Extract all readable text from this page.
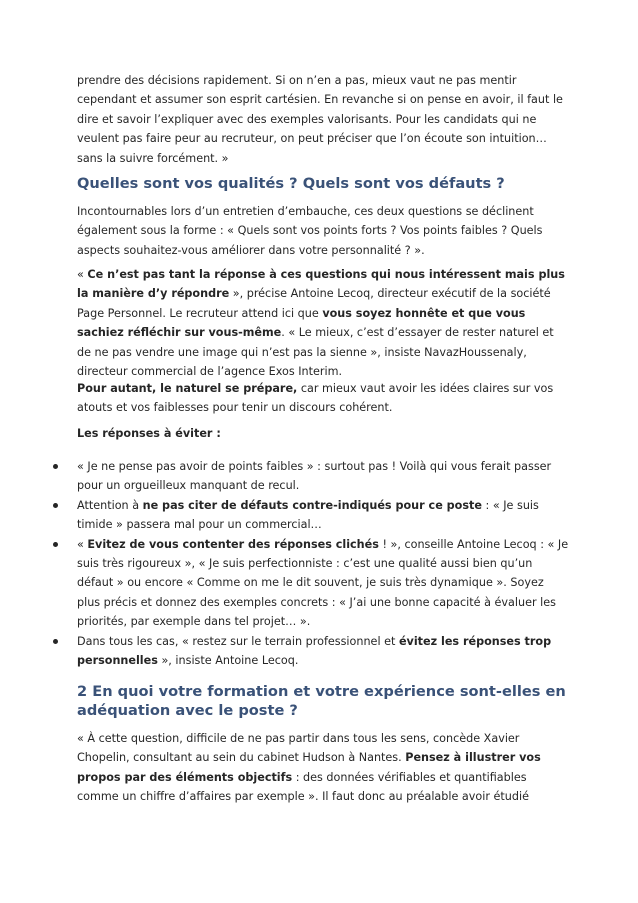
prendre des décisions rapidement. Si on n’en a pas, mieux vaut ne pas mentir cependant et assumer son esprit cartésien. En revanche si on pense en avoir, il faut le dire et savoir l’expliquer avec des exemples valorisants. Pour les candidats qui ne veulent pas faire peur au recruteur, on peut préciser que l’on écoute son intuition… sans la suivre forcément. »

Quelles sont vos qualités ? Quels sont vos défauts ?

Incontournables lors d’un entretien d’embauche, ces deux questions se déclinent également sous la forme : « Quels sont vos points forts ? Vos points faibles ? Quels aspects souhaitez-vous améliorer dans votre personnalité ? ».

« Ce n’est pas tant la réponse à ces questions qui nous intéressent mais plus la manière d’y répondre », précise Antoine Lecoq, directeur exécutif de la société Page Personnel. Le recruteur attend ici que vous soyez honnête et que vous sachiez réfléchir sur vous-même. « Le mieux, c’est d’essayer de rester naturel et de ne pas vendre une image qui n’est pas la sienne », insiste NavazHoussenaly, directeur commercial de l’agence Exos Interim.

Pour autant, le naturel se prépare, car mieux vaut avoir les idées claires sur vos atouts et vos faiblesses pour tenir un discours cohérent.

Les réponses à éviter :

« Je ne pense pas avoir de points faibles » : surtout pas ! Voilà qui vous ferait passer pour un orgueilleux manquant de recul.
Attention à ne pas citer de défauts contre-indiqués pour ce poste : « Je suis timide » passera mal pour un commercial…
« Evitez de vous contenter des réponses clichés ! », conseille Antoine Lecoq : « Je suis très rigoureux », « Je suis perfectionniste : c’est une qualité aussi bien qu’un défaut » ou encore « Comme on me le dit souvent, je suis très dynamique ». Soyez plus précis et donnez des exemples concrets : « J’ai une bonne capacité à évaluer les priorités, par exemple dans tel projet… ».
Dans tous les cas, « restez sur le terrain professionnel et évitez les réponses trop personnelles », insiste Antoine Lecoq.
2 En quoi votre formation et votre expérience sont-elles en adéquation avec le poste ?

« À cette question, difficile de ne pas partir dans tous les sens, concède Xavier Chopelin, consultant au sein du cabinet Hudson à Nantes. Pensez à illustrer vos propos par des éléments objectifs : des données vérifiables et quantifiables comme un chiffre d’affaires par exemple ». Il faut donc au préalable avoir étudié
